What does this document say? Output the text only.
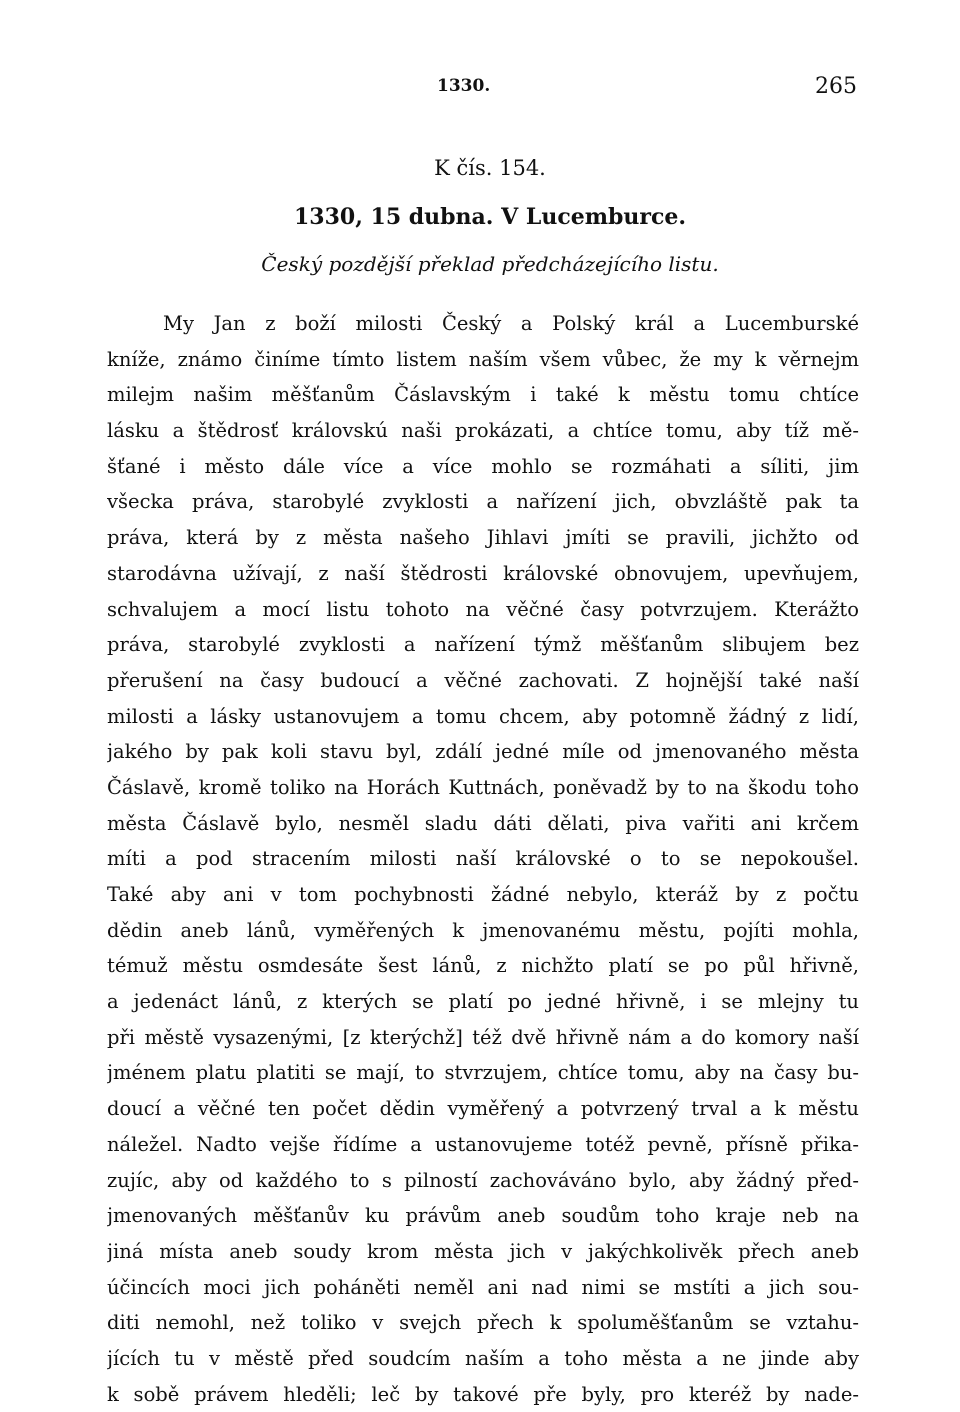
1330.	265
K čís. 154.
1330, 15 dubna. V Lucemburce.
Český pozdější překlad předcházejícího listu.
My Jan z boží milosti Český a Polský král a Lucemburské
kníže, známo činíme tímto listem naším všem vůbec, že my k věrnejm
milejm našim měšťanům Čáslavským i také k městu tomu chtíce
lásku a štědrosť královskú naši prokázati, a chtíce tomu, aby tíž mě-
šťané i město dále více a více mohlo se rozmáhati a síliti, jim
všecka práva, starobylé zvyklosti a nařízení jich, obvzláště pak ta
práva, která by z města našeho Jihlavi jmíti se pravili, jichžto od
starodávna užívají, z naší štědrosti královské obnovujem, upevňujem,
schvalujem a mocí listu tohoto na věčné časy potvrzujem. Kterážto
práva, starobylé zvyklosti a nařízení týmž měšťanům slibujem bez
přerušení na časy budoucí a věčné zachovati. Z hojnější také naší
milosti a lásky ustanovujem a tomu chcem, aby potomně žádný z lidí,
jakého by pak koli stavu byl, zdálí jedné míle od jmenovaného města
Čáslavě, kromě toliko na Horách Kuttnách, poněvadž by to na škodu toho
města Čáslavě bylo, nesměl sladu dáti dělati, piva vařiti ani krčem
míti a pod stracením milosti naší královské o to se nepokoušel.
Také aby ani v tom pochybnosti žádné nebylo, kteráž by z počtu
dědin aneb lánů, vyměřených k jmenovanému městu, pojíti mohla,
témuž městu osmdesáte šest lánů, z nichžto platí se po půl hřivně,
a jedenáct lánů, z kterých se platí po jedné hřivně, i se mlejny tu
při městě vysazenými, [z kterýchž] též dvě hřivně nám a do komory naší
jménem platu platiti se mají, to stvrzujem, chtíce tomu, aby na časy bu-
doucí a věčné ten počet dědin vyměřený a potvrzený trval a k městu
náležel. Nadto vejše řídíme a ustanovujeme totéž pevně, přísně přika-
zujíc, aby od každého to s pilností zachováváno bylo, aby žádný před-
jmenovaných měšťanův ku právům aneb soudům toho kraje neb na
jiná místa aneb soudy krom města jich v jakýchkolivěk přech aneb
účincích moci jich poháněti neměl ani nad nimi se mstíti a jich sou-
diti nemohl, než toliko v svejch přech k spoluměšťanům se vztahu-
jících tu v městě před soudcím naším a toho města a ne jinde aby
k sobě právem hleděli; leč by takové pře byly, pro kteréž by nade-
